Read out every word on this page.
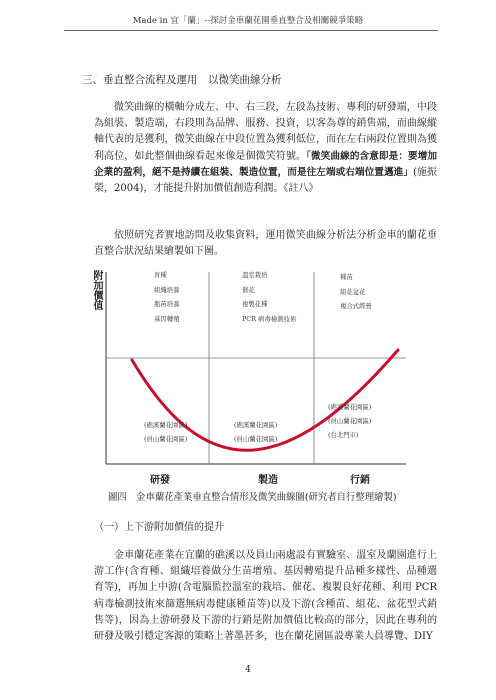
Made in 宜「蘭」--探討金車蘭花園垂直整合及相關競爭策略
三、垂直整合流程及運用　以微笑曲線分析
微笑曲線的橫軸分成左、中、右三段，左段為技術、專利的研發端，中段為組裝、製造端，右段則為品牌、服務、投資，以客為尊的銷售端，而曲線縱軸代表的是獲利，微笑曲線在中段位置為獲利低位，而在左右兩段位置則為獲利高位，如此整個曲線看起來像是個微笑符號。「微笑曲線的含意即是：要增加企業的盈利，絕不是持續在組裝、製造位置，而是往左端或右端位置邁進」(施振榮，2004)，才能提升附加價值創造利潤。《註八》
依照研究者實地訪問及收集資料，運用微笑曲線分析法分析金車的蘭花垂直整合狀況結果繪製如下圖。
附加價值	育種
組織培養
瓶苗培養
基因轉殖
溫室栽培
催花
複製花種
PCR 病毒檢測技術
種苗
組花盆花
複合式經營
(礁溪蘭花園區)
(員山蘭花園區)
(礁溪蘭花園區)
(員山蘭花園區)
(礁溪蘭花園區)
(員山蘭花園區)
(台北門市)
研發	製造	行銷
圖四　金車蘭花產業垂直整合情形及微笑曲線圖(研究者自行整理繪製)
（一）上下游附加價值的提升
金車蘭花產業在宜蘭的礁溪以及員山兩處設有實驗室、溫室及蘭園進行上游工作(含育種、組織培養做分生苗增殖、基因轉殖提升品種多樣性、品種選育等)，再加上中游(含電腦監控溫室的栽培、催花、複製良好花種、利用 PCR 病毒檢測技術來篩選無病毒健康種苗等)以及下游(含種苗、組花、盆花型式銷售等)，因為上游研發及下游的行銷是附加價值比較高的部分，因此在專利的研發及吸引穩定客源的策略上著墨甚多，也在蘭花園區設專業人員導覽、DIY
4
